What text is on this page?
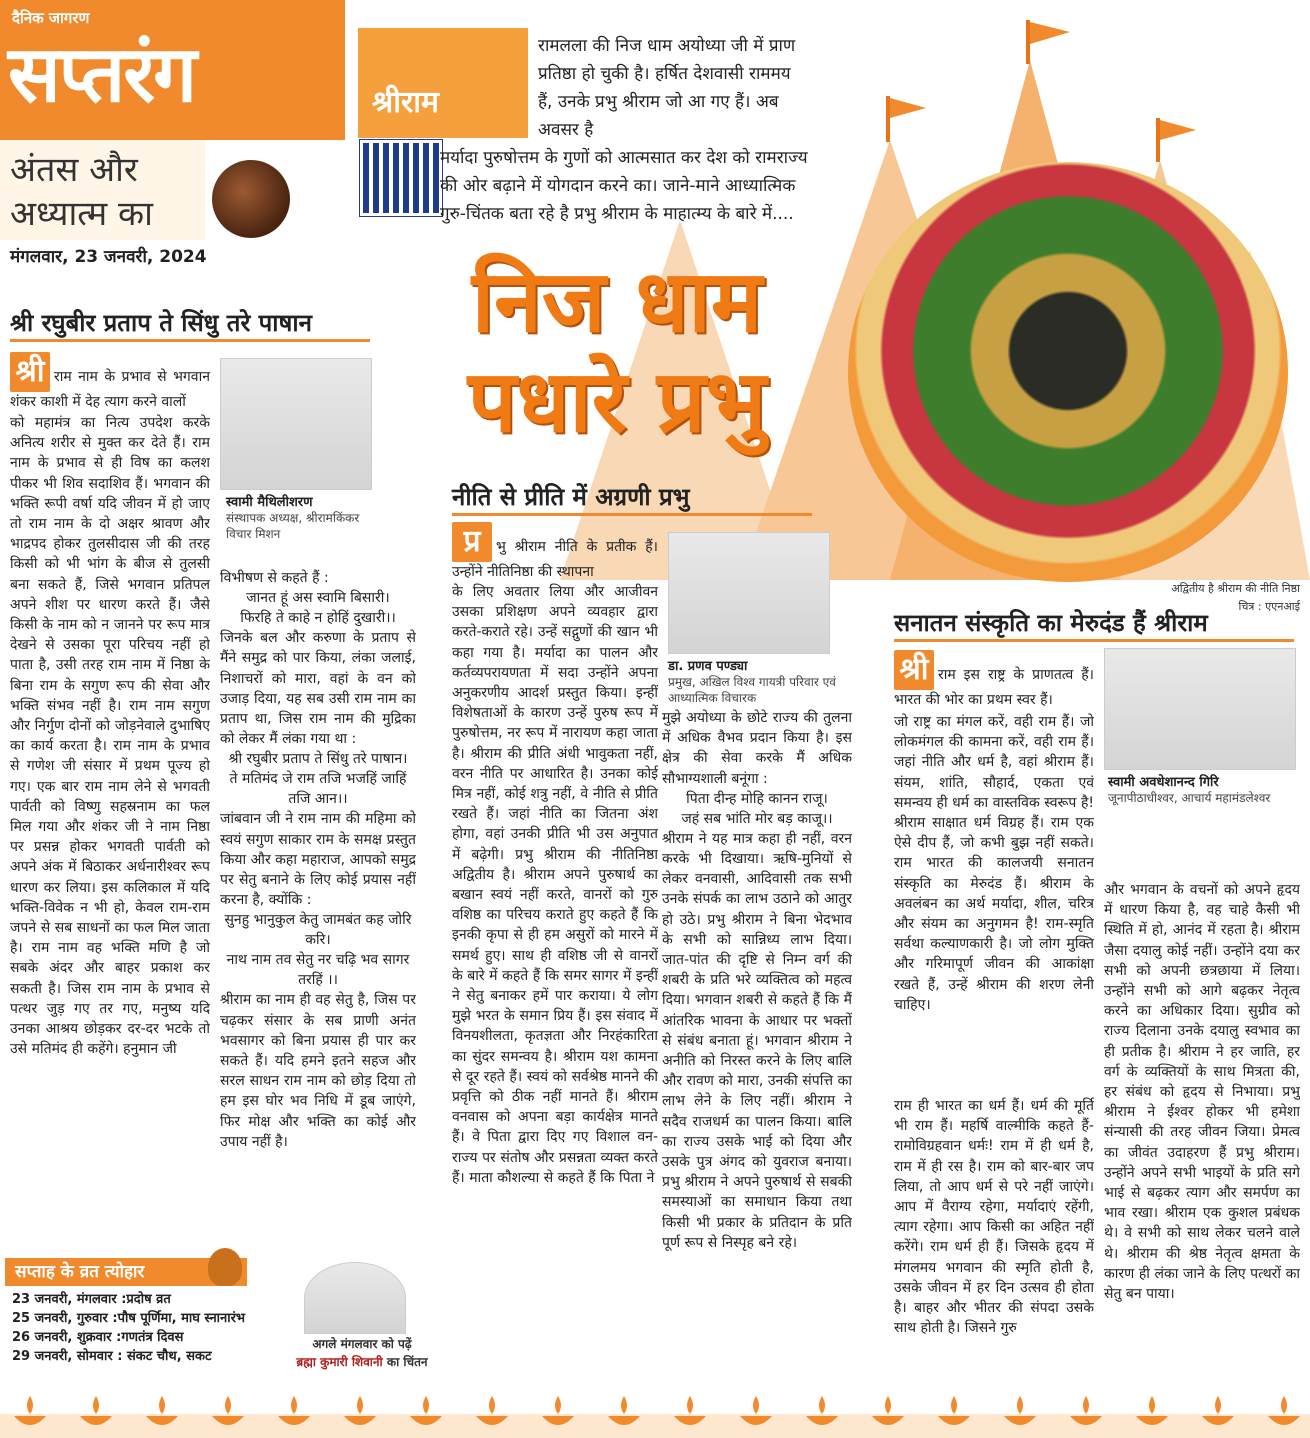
दैनिक जागरण
सप्तरंग
अंतस और अध्यात्म का
मंगलवार, 23 जनवरी, 2024
श्रीराम
रामलला की निज धाम अयोध्या जी में प्राण प्रतिष्ठा हो चुकी है। हर्षित देशवासी राममय हैं, उनके प्रभु श्रीराम जो आ गए हैं। अब अवसर है
मर्यादा पुरुषोत्तम के गुणों को आत्मसात कर देश को रामराज्य की ओर बढ़ाने में योगदान करने का। जाने-माने आध्यात्मिक गुरु-चिंतक बता रहे है प्रभु श्रीराम के माहात्म्य के बारे में....
निज धाम
पधारे प्रभु
अद्वितीय है श्रीराम की नीति निष्ठा
चित्र : एएनआई
श्री रघुबीर प्रताप ते सिंधु तरे पाषान
श्री राम नाम के प्रभाव से भगवान शंकर काशी में देह त्याग करने वालों
स्वामी मैथिलीशरण
संस्थापक अध्यक्ष, श्रीरामकिंकर विचार मिशन
को महामंत्र का नित्य उपदेश करके अनित्य शरीर से मुक्त कर देते हैं। राम नाम के प्रभाव से ही विष का कलश पीकर भी शिव सदाशिव हैं। भगवान की भक्ति रूपी वर्षा यदि जीवन में हो जाए तो राम नाम के दो अक्षर श्रावण और भाद्रपद होकर तुलसीदास जी की तरह किसी को भी भांग के बीज से तुलसी बना सकते हैं, जिसे भगवान प्रतिपल अपने शीश पर धारण करते हैं। जैसे किसी के नाम को न जानने पर रूप मात्र देखने से उसका पूरा परिचय नहीं हो पाता है, उसी तरह राम नाम में निष्ठा के बिना राम के सगुण रूप की सेवा और भक्ति संभव नहीं है। राम नाम सगुण और निर्गुण दोनों को जोड़नेवाले दुभाषिए का कार्य करता है। राम नाम के प्रभाव से गणेश जी संसार में प्रथम पूज्य हो गए। एक बार राम नाम लेने से भगवती पार्वती को विष्णु सहस्रनाम का फल मिल गया और शंकर जी ने नाम निष्ठा पर प्रसन्न होकर भगवती पार्वती को अपने अंक में बिठाकर अर्धनारीश्वर रूप धारण कर लिया। इस कलिकाल में यदि भक्ति-विवेक न भी हो, केवल राम-राम जपने से सब साधनों का फल मिल जाता है। राम नाम वह भक्ति मणि है जो सबके अंदर और बाहर प्रकाश कर सकती है। जिस राम नाम के प्रभाव से पत्थर जुड़ गए तर गए, मनुष्य यदि उनका आश्रय छोड़कर दर-दर भटके तो उसे मतिमंद ही कहेंगे। हनुमान जी

विभीषण से कहते हैं :

जानत हूं अस स्वामि बिसारी।

फिरहि ते काहे न होहिं दुखारी।।

जिनके बल और करुणा के प्रताप से मैंने समुद्र को पार किया, लंका जलाई, निशाचरों को मारा, वहां के वन को उजाड़ दिया, यह सब उसी राम नाम का प्रताप था, जिस राम नाम की मुद्रिका को लेकर मैं लंका गया था :

श्री रघुबीर प्रताप ते सिंधु तरे पाषान।

ते मतिमंद जे राम तजि भजहिं जाहिं तजि आन।।

जांबवान जी ने राम नाम की महिमा को स्वयं सगुण साकार राम के समक्ष प्रस्तुत किया और कहा महाराज, आपको समुद्र पर सेतु बनाने के लिए कोई प्रयास नहीं करना है, क्योंकि :

सुनहु भानुकुल केतु जामबंत कह जोरि करि।

नाथ नाम तव सेतु नर चढ़ि भव सागर तरहिं ।।

श्रीराम का नाम ही वह सेतु है, जिस पर चढ़कर संसार के सब प्राणी अनंत भवसागर को बिना प्रयास ही पार कर सकते हैं। यदि हमने इतने सहज और सरल साधन राम नाम को छोड़ दिया तो हम इस घोर भव निधि में डूब जाएंगे, फिर मोक्ष और भक्ति का कोई और उपाय नहीं है।

नीति से प्रीति में अग्रणी प्रभु
प्र भु श्रीराम नीति के प्रतीक हैं। उन्होंने नीतिनिष्ठा की स्थापना
के लिए अवतार लिया और आजीवन उसका प्रशिक्षण अपने व्यवहार द्वारा करते-कराते रहे। उन्हें सद्गुणों की खान भी कहा गया है। मर्यादा का पालन और कर्तव्यपरायणता में सदा उन्होंने अपना अनुकरणीय आदर्श प्रस्तुत किया। इन्हीं विशेषताओं के कारण उन्हें पुरुष रूप में पुरुषोत्तम, नर रूप में नारायण कहा जाता है। श्रीराम की प्रीति अंधी भावुकता नहीं, वरन नीति पर आधारित है। उनका कोई मित्र नहीं, कोई शत्रु नहीं, वे नीति से प्रीति रखते हैं। जहां नीति का जितना अंश होगा, वहां उनकी प्रीति भी उस अनुपात में बढ़ेगी। प्रभु श्रीराम की नीतिनिष्ठा अद्वितीय है। श्रीराम अपने पुरुषार्थ का बखान स्वयं नहीं करते, वानरों को गुरु वशिष्ठ का परिचय कराते हुए कहते हैं कि इनकी कृपा से ही हम असुरों को मारने में समर्थ हुए। साथ ही वशिष्ठ जी से वानरों के बारे में कहते हैं कि समर सागर में इन्हीं ने सेतु बनाकर हमें पार कराया। ये लोग मुझे भरत के समान प्रिय हैं। इस संवाद में विनयशीलता, कृतज्ञता और निरहंकारिता का सुंदर समन्वय है। श्रीराम यश कामना से दूर रहते हैं। स्वयं को सर्वश्रेष्ठ मानने की प्रवृत्ति को ठीक नहीं मानते हैं। श्रीराम वनवास को अपना बड़ा कार्यक्षेत्र मानते हैं। वे पिता द्वारा दिए गए विशाल वन-राज्य पर संतोष और प्रसन्नता व्यक्त करते हैं। माता कौशल्या से कहते हैं कि पिता ने
डा. प्रणव पण्ड्या
प्रमुख, अखिल विश्व गायत्री परिवार एवं आध्यात्मिक विचारक

मुझे अयोध्या के छोटे राज्य की तुलना में अधिक वैभव प्रदान किया है। इस क्षेत्र की सेवा करके मैं अधिक सौभाग्यशाली बनूंगा :

पिता दीन्ह मोहि कानन राजू।

जहं सब भांति मोर बड़ काजू।।

श्रीराम ने यह मात्र कहा ही नहीं, वरन करके भी दिखाया। ऋषि-मुनियों से लेकर वनवासी, आदिवासी तक सभी उनके संपर्क का लाभ उठाने को आतुर हो उठे। प्रभु श्रीराम ने बिना भेदभाव के सभी को सान्निध्य लाभ दिया। जात-पांत की दृष्टि से निम्न वर्ग की शबरी के प्रति भरे व्यक्तित्व को महत्व दिया। भगवान शबरी से कहते हैं कि मैं आंतरिक भावना के आधार पर भक्तों से संबंध बनाता हूं। भगवान श्रीराम ने अनीति को निरस्त करने के लिए बालि और रावण को मारा, उनकी संपत्ति का लाभ लेने के लिए नहीं। श्रीराम ने सदैव राजधर्म का पालन किया। बालि का राज्य उसके भाई को दिया और उसके पुत्र अंगद को युवराज बनाया। प्रभु श्रीराम ने अपने पुरुषार्थ से सबकी समस्याओं का समाधान किया तथा किसी भी प्रकार के प्रतिदान के प्रति पूर्ण रूप से निस्पृह बने रहे।

सनातन संस्कृति का मेरुदंड हैं श्रीराम
श्री राम इस राष्ट्र के प्राणतत्व हैं। भारत की भोर का प्रथम स्वर हैं।
स्वामी अवधेशानन्द गिरि
जूनापीठाधीश्वर, आचार्य महामंडलेश्वर
जो राष्ट्र का मंगल करें, वही राम हैं। जो लोकमंगल की कामना करें, वही राम हैं। जहां नीति और धर्म है, वहां श्रीराम हैं। संयम, शांति, सौहार्द, एकता एवं समन्वय ही धर्म का वास्तविक स्वरूप है! श्रीराम साक्षात धर्म विग्रह हैं। राम एक ऐसे दीप हैं, जो कभी बुझ नहीं सकते। राम भारत की कालजयी सनातन संस्कृति का मेरुदंड हैं। श्रीराम के अवलंबन का अर्थ मर्यादा, शील, चरित्र और संयम का अनुगमन है! राम-स्मृति सर्वथा कल्याणकारी है। जो लोग मुक्ति और गरिमापूर्ण जीवन की आकांक्षा रखते हैं, उन्हें श्रीराम की शरण लेनी चाहिए।
राम ही भारत का धर्म हैं। धर्म की मूर्ति भी राम हैं। महर्षि वाल्मीकि कहते हैं-रामोविग्रहवान धर्मः! राम में ही धर्म है, राम में ही रस है। राम को बार-बार जप लिया, तो आप धर्म से परे नहीं जाएंगे। आप में वैराग्य रहेगा, मर्यादाएं रहेंगी, त्याग रहेगा। आप किसी का अहित नहीं करेंगे। राम धर्म ही हैं। जिसके हृदय में मंगलमय भगवान की स्मृति होती है, उसके जीवन में हर दिन उत्सव ही होता है। बाहर और भीतर की संपदा उसके साथ होती है। जिसने गुरु
और भगवान के वचनों को अपने हृदय में धारण किया है, वह चाहे कैसी भी स्थिति में हो, आनंद में रहता है। श्रीराम जैसा दयालु कोई नहीं। उन्होंने दया कर सभी को अपनी छत्रछाया में लिया। उन्होंने सभी को आगे बढ़कर नेतृत्व करने का अधिकार दिया। सुग्रीव को राज्य दिलाना उनके दयालु स्वभाव का ही प्रतीक है। श्रीराम ने हर जाति, हर वर्ग के व्यक्तियों के साथ मित्रता की, हर संबंध को हृदय से निभाया। प्रभु श्रीराम ने ईश्वर होकर भी हमेशा संन्यासी की तरह जीवन जिया। प्रेमत्व का जीवंत उदाहरण हैं प्रभु श्रीराम। उन्होंने अपने सभी भाइयों के प्रति सगे भाई से बढ़कर त्याग और समर्पण का भाव रखा। श्रीराम एक कुशल प्रबंधक थे। वे सभी को साथ लेकर चलने वाले थे। श्रीराम की श्रेष्ठ नेतृत्व क्षमता के कारण ही लंका जाने के लिए पत्थरों का सेतु बन पाया।
सप्ताह के व्रत त्योहार
23 जनवरी, मंगलवार :प्रदोष व्रत
25 जनवरी, गुरुवार :पौष पूर्णिमा, माघ स्नानारंभ
26 जनवरी, शुक्रवार :गणतंत्र दिवस
29 जनवरी, सोमवार : संकट चौथ, सकट
अगले मंगलवार को पढ़ें
ब्रह्मा कुमारी शिवानी का चिंतन
